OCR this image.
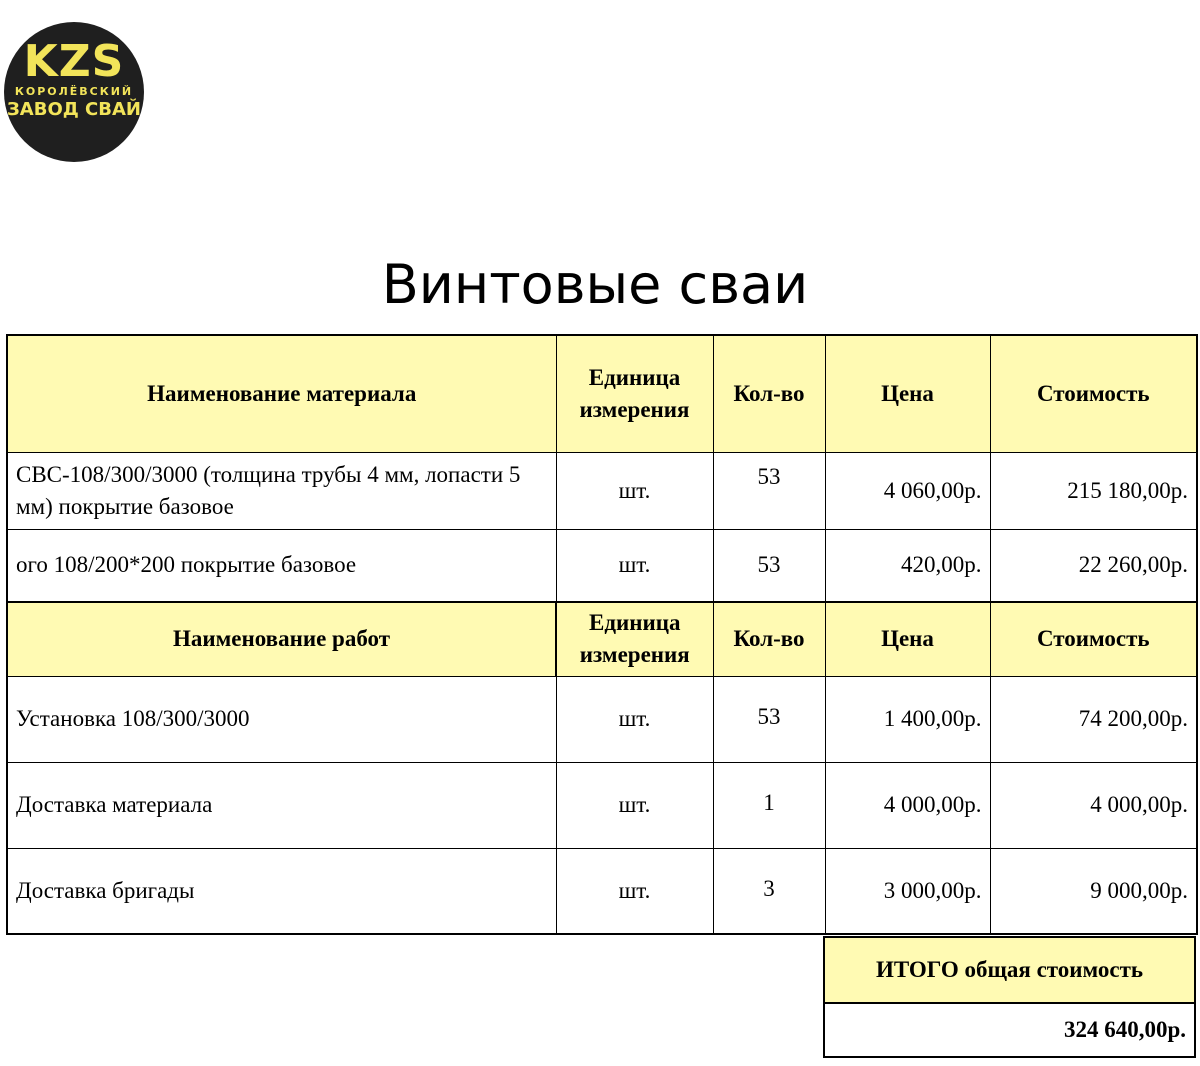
KZS
КОРОЛЁВСКИЙ
ЗАВОД СВАЙ
Винтовые сваи
Наименование материала	Единица измерения	Кол-во	Цена	Стоимость
СВС-108/300/3000 (толщина трубы 4 мм, лопасти 5 мм) покрытие базовое	шт.	53	4 060,00р.	215 180,00р.
ого 108/200*200 покрытие базовое	шт.	53	420,00р.	22 260,00р.
Наименование работ	Единица измерения	Кол-во	Цена	Стоимость
Установка 108/300/3000	шт.	53	1 400,00р.	74 200,00р.
Доставка материала	шт.	1	4 000,00р.	4 000,00р.
Доставка бригады	шт.	3	3 000,00р.	9 000,00р.
ИТОГО общая стоимость
324 640,00р.
